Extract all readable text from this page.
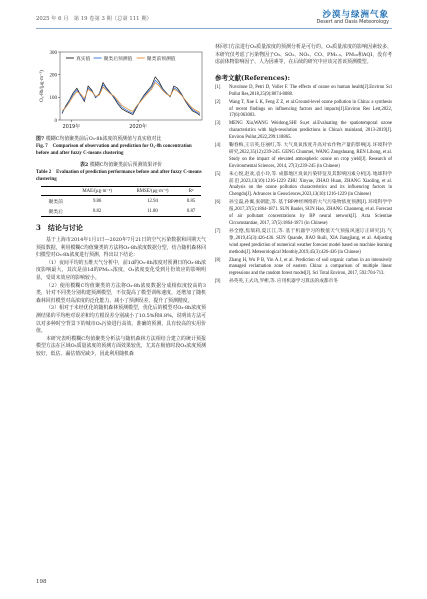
2025 年 6 月　第 19 卷第 3 期（总第 111 期）	沙漠与绿洲气象
Desert and Oasis Meteorology
0
100
200
300
O₃-8h/(μg·m⁻³)
2019年	2020年
真实值	聚类后预测值	聚类前预测值

图7 模糊C均值聚类前后O₃-8h浓度的预测值与真实值对比

Fig. 7　Comparison of observation and prediction for O₃-8h concentration before and after fuzzy C-means clustering

表2 模糊C均值聚类前后预测效果评价

Table 2　Evaluation of prediction performance before and after fuzzy C-means clustering

	MAE/(μg·m⁻³)	RMSE/(μg·m⁻³)	R²
聚类前	9.86	12.94	0.85
聚类后	8.82	11.80	0.87
3　结论与讨论

基于上海市2014年1月1日—2020年7月21日的空气污染数据和同期天气预报数据，利用模糊C均值聚类的方法将O₃-8h浓度数据分型，结合随机森林回归模型对O₃-8h浓度进行预测，得出以下结论：

（1）夜间平均的五维天气分析中，前1d的O₃-8h浓度对预测日的O₃-8h浓度影响最大，其次是前1d的PM₂.₅浓度，O₃浓度变化受到月份效应的影响明显，受周末效应的影响较小。

（2）使用模糊C均值聚类的方法将O₃-8h浓度数据分成相似度较高的3类，针对不同类分别构建预测模型，不仅提高了模型训练速度，还增加了随机森林回归模型对高浓度的泛化能力，减小了预测误差，提升了预测精度。

（3）相对于未经优化的随机森林预测模型，优化后的模型对O₃-8h浓度预测结果的平均绝对误差和均方根误差分别减小了10.5%和8.8%，说明该方法可以对多种时空背景下的城市O₃污染进行高效、准确的预测，具有较高的实用价值。

本研究表明模糊C均值聚类分析法与随机森林方法相结合建立的统计预报模型方法在区域O₃质量浓度的预测方面效果较优，尤其在极值时段O₃浓度预测较好，低估、漏估情况减少，因此利用随机森

林回归方法进行O₃质量浓度的预测分析是可行的。O₃质量浓度的影响因素较多，本研究仅考虑了污染物因子O₃、SO₂、NO₂、CO、PM₂.₅、PM₁₀和AQI，没有考虑前体物影响因子、人为因素等，在后续的研究中应该完善该预测模型。

参考文献(References):
[1]	Nuvolone D, Petri D, Voller F. The effects of ozone on human health[J].Environ Sci Pollut Res,2018,25(9):8074-8088.
[2]	Wang T, Xue L K, Feng Z Z, et al.Ground-level ozone pollution in China: a synthesis of recent findings on influencing factors and impacts[J].Environ Res Lett,2022, 17(6):063003.
[3]	MENG Xia,WANG Weidong,SHI Su,et al.Evaluating the spatiotemporal ozone characteristics with high-resolution predictions in China's mainland, 2013-2019[J]. Environ Pollut,2022,299:118865.
[4]	鞠春梅,王宗英,任丽红,等. 大气臭氧浓度升高对农作物产量的影响[J]. 环境科学研究,2022,35(12):239-245. GENG Chunmei, WANG Zongshuang, REN Lihong, et al. Study on the impact of elevated atmospheric ozone on crop yield[J]. Research of Environmental Sciences, 2014, 27(3):239-245 (in Chinese)
[5]	朱心悦,赵欢,袁小玲,等. 成都地区臭氧污染特征及其影响因素分析[J]. 地球科学前沿,2023,13(10):1216-1229 ZHU Xinyue, ZHAO Huan, ZHANG Xiaoling, et al. Analysis on the ozone pollution characteristics and its influencing factors in Chengdu[J]. Advances in Geosciences,2023,13(10):1216-1229 (in Chinese)
[6]	孙宝磊,孙翼,张朝能,等. 基于BP神经网络的大气污染物浓度预测[J]. 环境科学学报,2017,37(5):1864-1871. SUN Baolei, SUN Hao, ZHANG Chaoneng, et al. Forecast of air pollutant concentrations by BP neural network[J]. Acta Scientiae Circumstantiae, 2017, 37(5):1864-1871 (in Chinese)
[7]	孙全德,焦瑞莉,夏江江,等. 基于机器学习的数值天气预报风速订正研究[J]. 气象,2019,45(3):426-436. SUN Quande, JIAO Ruili, XIA Jiangjiang, et al. Adjusting wind speed prediction of numerical weather forecast model based on machine learning methods[J]. Meteorological Monthly,2019,45(3):426-436 (in Chinese)
[8]	Zhang H, Wu P B, Yin A J, et al. Prediction of soil organic carbon in an intensively managed reclamation zone of eastern China: a comparison of multiple linear regressions and the random forest model[J]. Sci Total Environ, 2017, 592:704-713.
[9]	孙英英,王式功,罗彬,等. 应用机器学习算法的成都市冬
198
